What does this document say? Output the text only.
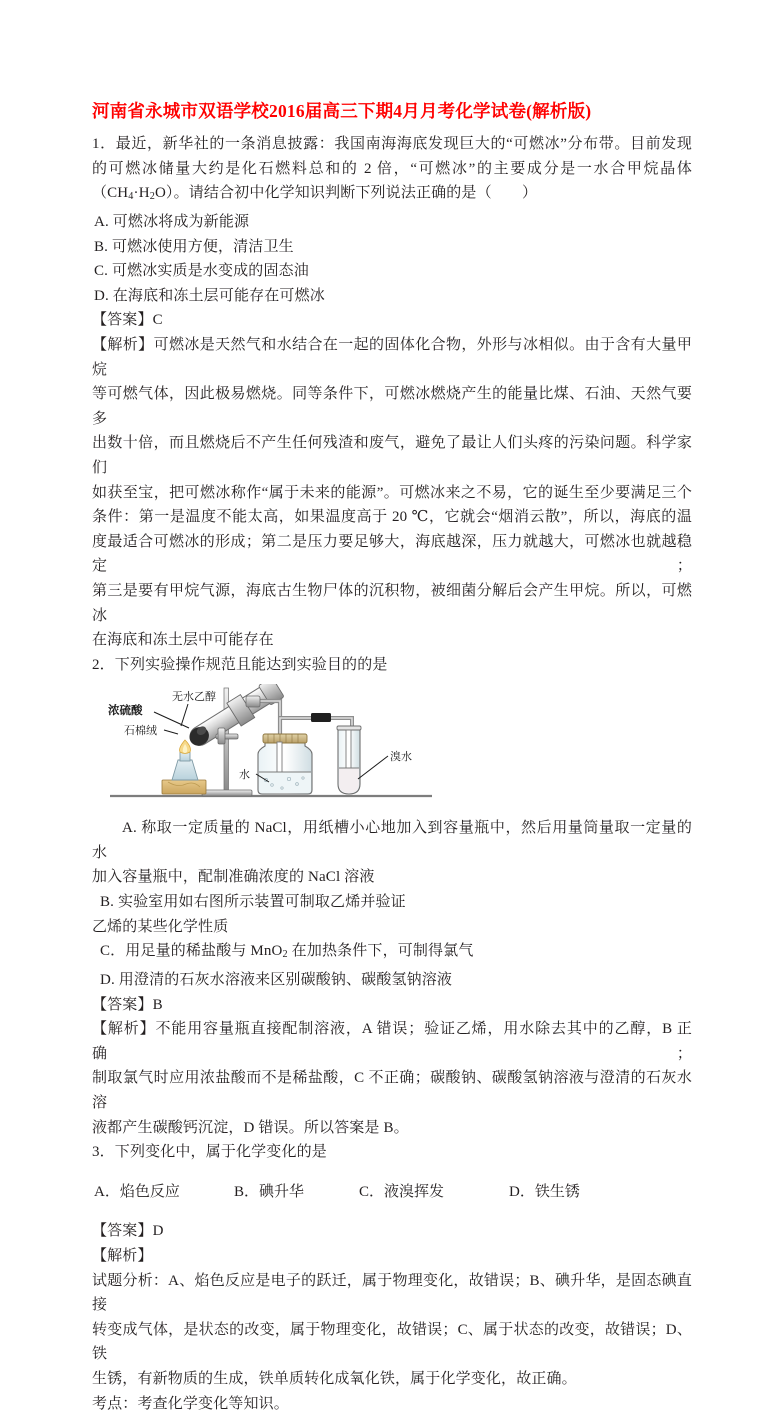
河南省永城市双语学校2016届高三下期4月月考化学试卷(解析版)

1．最近，新华社的一条消息披露：我国南海海底发现巨大的“可燃冰”分布带。目前发现

的可燃冰储量大约是化石燃料总和的 2 倍，“可燃冰”的主要成分是一水合甲烷晶体

$(CH_4\cdot H_2O)$。请结合初中化学知识判断下列说法正确的是（　　）

A. 可燃冰将成为新能源

B. 可燃冰使用方便，清洁卫生

C. 可燃冰实质是水变成的固态油

D. 在海底和冻土层可能存在可燃冰

【答案】C

【解析】可燃冰是天然气和水结合在一起的固体化合物，外形与冰相似。由于含有大量甲烷

等可燃气体，因此极易燃烧。同等条件下，可燃冰燃烧产生的能量比煤、石油、天然气要多

出数十倍，而且燃烧后不产生任何残渣和废气，避免了最让人们头疼的污染问题。科学家们

如获至宝，把可燃冰称作“属于未来的能源”。可燃冰来之不易，它的诞生至少要满足三个

条件：第一是温度不能太高，如果温度高于 20 ℃，它就会“烟消云散”，所以，海底的温

度最适合可燃冰的形成；第二是压力要足够大，海底越深，压力就越大，可燃冰也就越稳定；

第三是要有甲烷气源，海底古生物尸体的沉积物，被细菌分解后会产生甲烷。所以，可燃冰

在海底和冻土层中可能存在

2．下列实验操作规范且能达到实验目的的是

浓硫酸
无水乙醇
石棉绒
水
溴水

A. 称取一定质量的 NaCl，用纸槽小心地加入到容量瓶中，然后用量筒量取一定量的水

加入容量瓶中，配制准确浓度的 NaCl 溶液

B. 实验室用如右图所示装置可制取乙烯并验证

乙烯的某些化学性质

C．用足量的稀盐酸与 MnO$_2$ 在加热条件下，可制得氯气

D. 用澄清的石灰水溶液来区别碳酸钠、碳酸氢钠溶液

【答案】B

【解析】不能用容量瓶直接配制溶液，A 错误；验证乙烯，用水除去其中的乙醇，B 正确；

制取氯气时应用浓盐酸而不是稀盐酸，C 不正确；碳酸钠、碳酸氢钠溶液与澄清的石灰水溶

液都产生碳酸钙沉淀，D 错误。所以答案是 B。

3．下列变化中，属于化学变化的是

A．焰色反应	B．碘升华	C．液溴挥发	D．铁生锈

【答案】D

【解析】

试题分析：A、焰色反应是电子的跃迁，属于物理变化，故错误；B、碘升华，是固态碘直接

转变成气体，是状态的改变，属于物理变化，故错误；C、属于状态的改变，故错误；D、铁

生锈，有新物质的生成，铁单质转化成氧化铁，属于化学变化，故正确。

考点：考查化学变化等知识。
